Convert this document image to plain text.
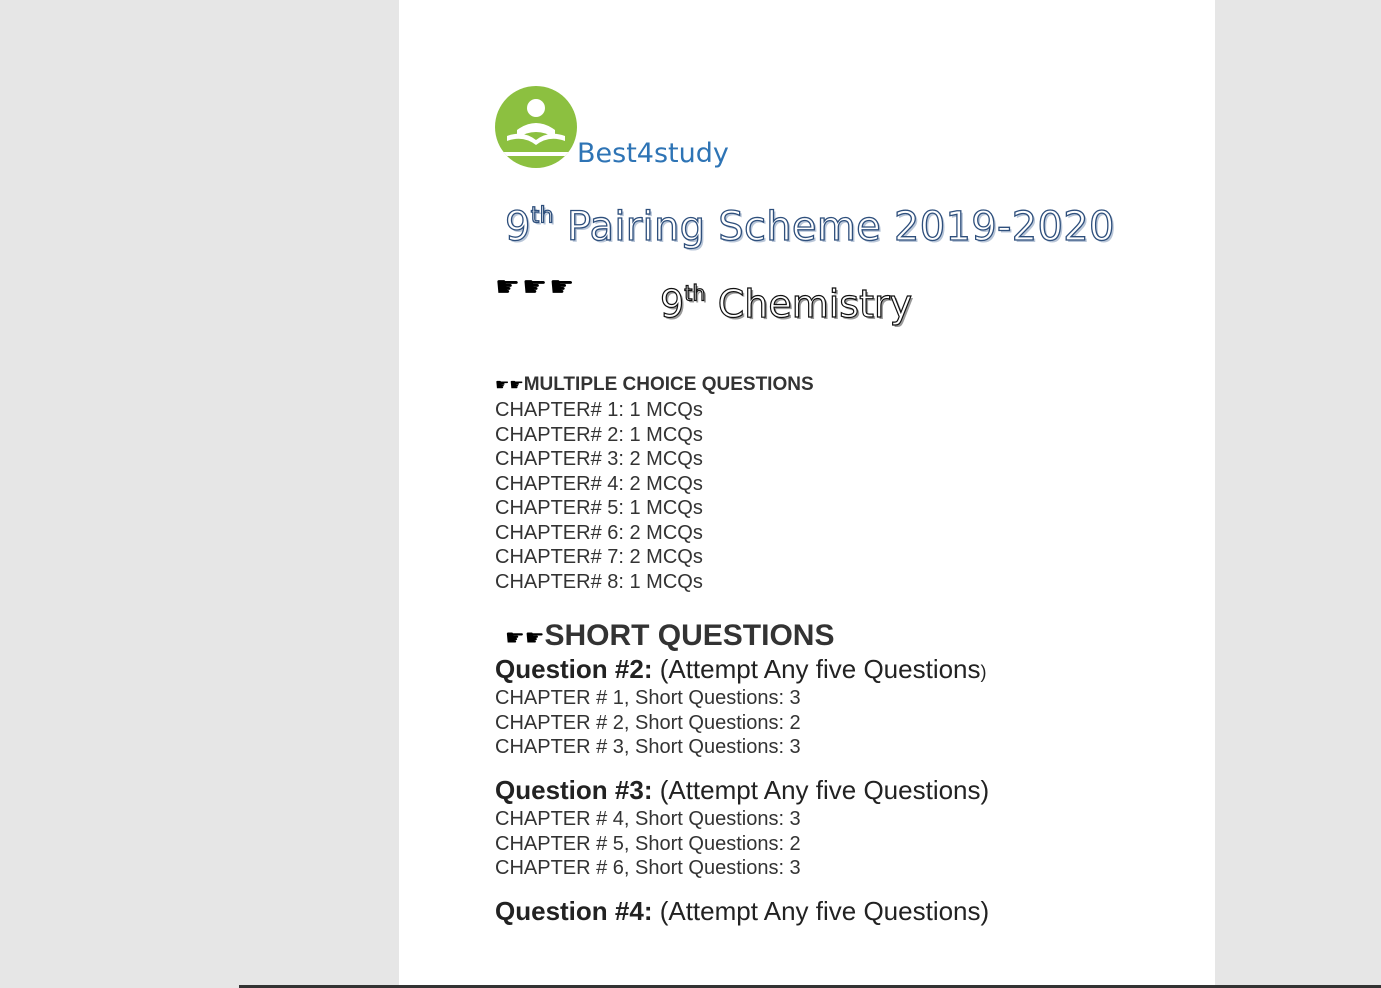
Best4study
9th Pairing Scheme 2019-2020
☛☛☛ 9th Chemistry
☛☛MULTIPLE CHOICE QUESTIONS
CHAPTER# 1: 1 MCQs
CHAPTER# 2: 1 MCQs
CHAPTER# 3: 2 MCQs
CHAPTER# 4: 2 MCQs
CHAPTER# 5: 1 MCQs
CHAPTER# 6: 2 MCQs
CHAPTER# 7: 2 MCQs
CHAPTER# 8: 1 MCQs
☛☛SHORT QUESTIONS
Question #2: (Attempt Any five Questions)
CHAPTER # 1, Short Questions: 3
CHAPTER # 2, Short Questions: 2
CHAPTER # 3, Short Questions: 3
Question #3: (Attempt Any five Questions)
CHAPTER # 4, Short Questions: 3
CHAPTER # 5, Short Questions: 2
CHAPTER # 6, Short Questions: 3
Question #4: (Attempt Any five Questions)
